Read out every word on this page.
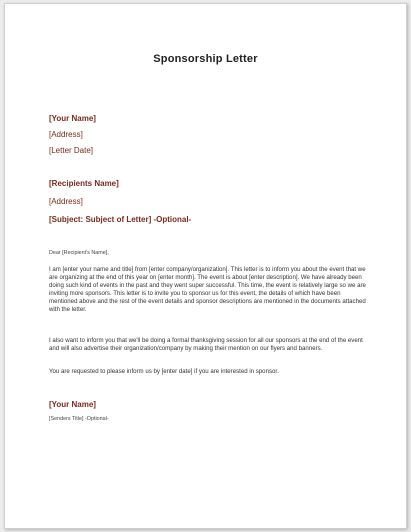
Sponsorship Letter
[Your Name]
[Address]
[Letter Date]
[Recipients Name]
[Address]
[Subject: Subject of Letter] -Optional-
Dear [Recipient's Name],
I am [enter your name and title] from [enter company/organization]. This letter is to inform you about the event that we are organizing at the end of this year on [enter month]. The event is about [enter description]. We have already been doing such kind of events in the past and they went super successful. This time, the event is relatively large so we are inviting more sponsors. This letter is to invite you to sponsor us for this event, the details of which have been mentioned above and the rest of the event details and sponsor descriptions are mentioned in the documents attached with the letter.
I also want to inform you that we'll be doing a formal thanksgiving session for all our sponsors at the end of the event and will also advertise their organization/company by making their mention on our flyers and banners.
You are requested to please inform us by [enter date] if you are interested in sponsor.
[Your Name]
[Senders Title] -Optional-
